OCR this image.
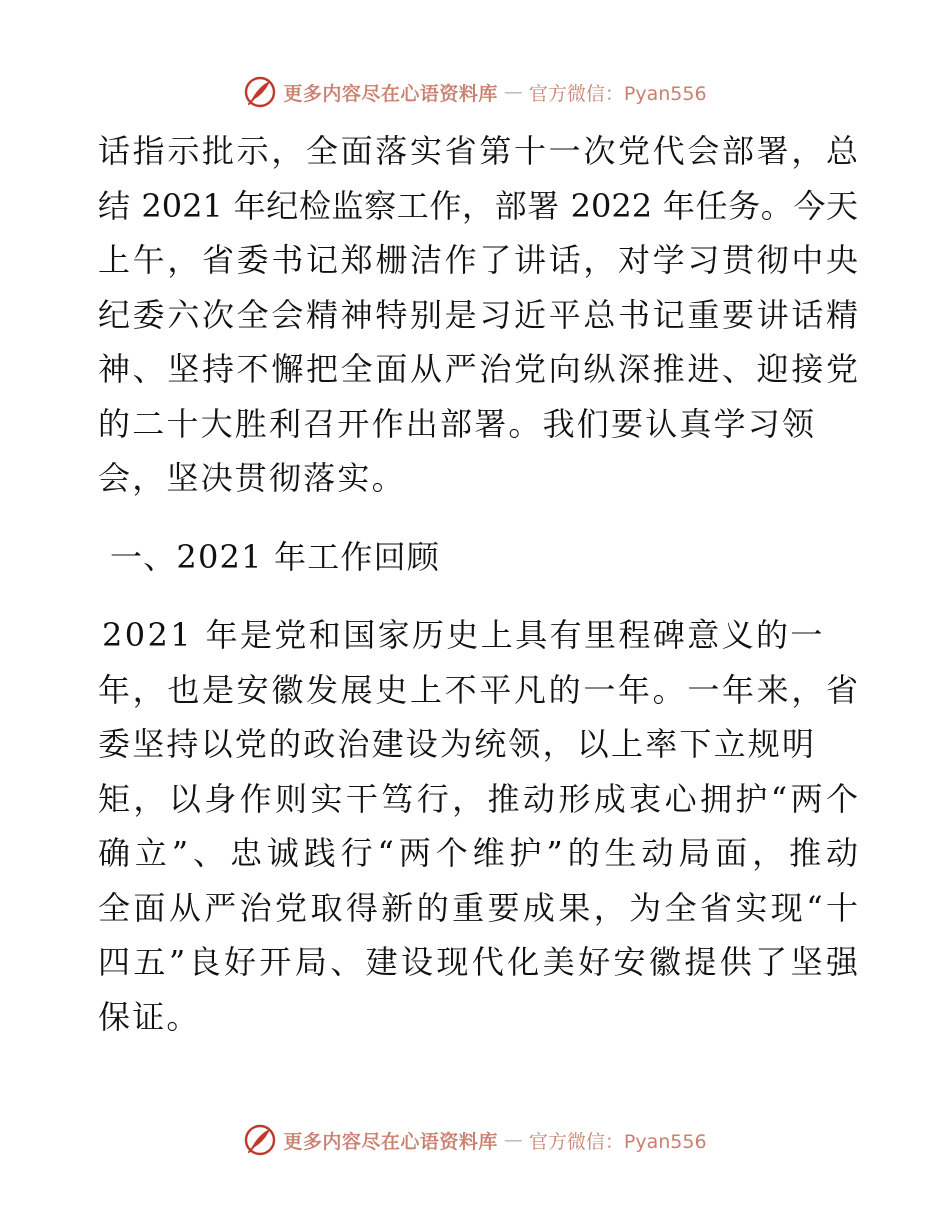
更多内容尽在心语资料库 — 官方微信：Pyan556
话指示批示，全面落实省第十一次党代会部署，总
结 2021 年纪检监察工作，部署 2022 年任务。今天
上午，省委书记郑栅洁作了讲话，对学习贯彻中央
纪委六次全会精神特别是习近平总书记重要讲话精
神、坚持不懈把全面从严治党向纵深推进、迎接党
的二十大胜利召开作出部署。我们要认真学习领
会，坚决贯彻落实。
一、2021 年工作回顾
2021 年是党和国家历史上具有里程碑意义的一
年，也是安徽发展史上不平凡的一年。一年来，省
委坚持以党的政治建设为统领，以上率下立规明
矩，以身作则实干笃行，推动形成衷心拥护“两个
确立”、忠诚践行“两个维护”的生动局面，推动
全面从严治党取得新的重要成果，为全省实现“十
四五”良好开局、建设现代化美好安徽提供了坚强
保证。
更多内容尽在心语资料库 — 官方微信：Pyan556
